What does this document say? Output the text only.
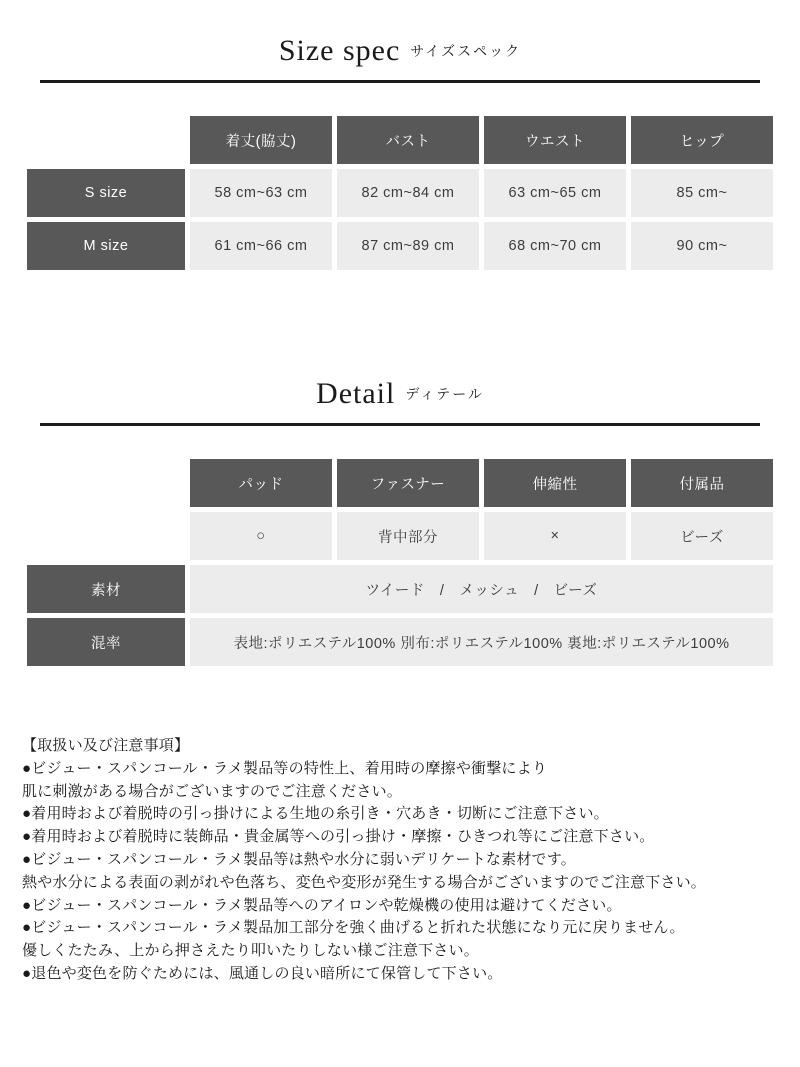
Size spec サイズスペック
	着丈(脇丈)	バスト	ウエスト	ヒップ
S size	58 cm~63 cm	82 cm~84 cm	63 cm~65 cm	85 cm~
M size	61 cm~66 cm	87 cm~89 cm	68 cm~70 cm	90 cm~
Detail ディテール
	パッド	ファスナー	伸縮性	付属品
	○	背中部分	×	ビーズ
素材	ツイード　/　メッシュ　/　ビーズ			
混率	表地:ポリエステル100% 別布:ポリエステル100% 裏地:ポリエステル100%			
【取扱い及び注意事項】
●ビジュー・スパンコール・ラメ製品等の特性上、着用時の摩擦や衝撃により
肌に刺激がある場合がございますのでご注意ください。
●着用時および着脱時の引っ掛けによる生地の糸引き・穴あき・切断にご注意下さい。
●着用時および着脱時に装飾品・貴金属等への引っ掛け・摩擦・ひきつれ等にご注意下さい。
●ビジュー・スパンコール・ラメ製品等は熱や水分に弱いデリケートな素材です。
熱や水分による表面の剥がれや色落ち、変色や変形が発生する場合がございますのでご注意下さい。
●ビジュー・スパンコール・ラメ製品等へのアイロンや乾燥機の使用は避けてください。
●ビジュー・スパンコール・ラメ製品加工部分を強く曲げると折れた状態になり元に戻りません。
優しくたたみ、上から押さえたり叩いたりしない様ご注意下さい。
●退色や変色を防ぐためには、風通しの良い暗所にて保管して下さい。
